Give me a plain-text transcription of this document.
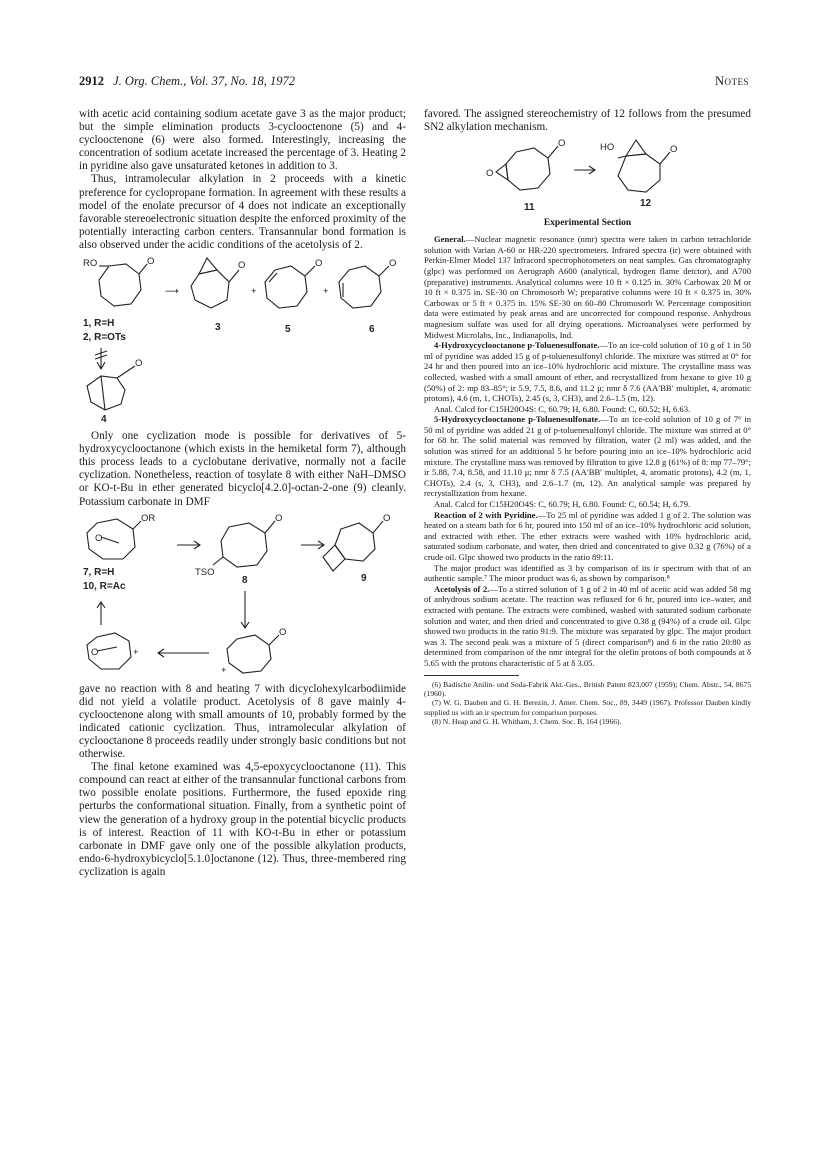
2912 J. Org. Chem., Vol. 37, No. 18, 1972	Notes

with acetic acid containing sodium acetate gave 3 as the major product; but the simple elimination products 3-cyclooctenone (5) and 4-cyclooctenone (6) were also formed. Interestingly, increasing the concentration of sodium acetate increased the percentage of 3. Heating 2 in pyridine also gave unsaturated ketones in addition to 3.

Thus, intramolecular alkylation in 2 proceeds with a kinetic preference for cyclopropane formation. In agreement with these results a model of the enolate precursor of 4 does not indicate an exceptionally favorable stereoelectronic situation despite the enforced proximity of the potentially interacting carbon centers. Transannular bond formation is also observed under the acidic conditions of the acetolysis of 2.

RO	O
1, R=H
2, R=OTs
⟶
O
3
+
O
5
+
O
6
O
4

Only one cyclization mode is possible for derivatives of 5-hydroxycyclooctanone (which exists in the hemiketal form 7), although this process leads to a cyclobutane derivative, normally not a facile cyclization. Nonetheless, reaction of tosylate 8 with either NaH–DMSO or KO-t-Bu in ether generated bicyclo[4.2.0]-octan-2-one (9) cleanly. Potassium carbonate in DMF

O
OR
7, R=H
10, R=Ac
O
TSO
8
O
9
O	+
O
+

gave no reaction with 8 and heating 7 with dicyclohexylcarbodiimide did not yield a volatile product. Acetolysis of 8 gave mainly 4-cyclooctenone along with small amounts of 10, probably formed by the indicated cationic cyclization. Thus, intramolecular alkylation of cyclooctanone 8 proceeds readily under strongly basic conditions but not otherwise.

The final ketone examined was 4,5-epoxycyclooctanone (11). This compound can react at either of the transannular functional carbons from two possible enolate positions. Furthermore, the fused epoxide ring perturbs the conformational situation. Finally, from a synthetic point of view the generation of a hydroxy group in the potential bicyclic products is of interest. Reaction of 11 with KO-t-Bu in ether or potassium carbonate in DMF gave only one of the possible alkylation products, endo-6-hydroxybicyclo[5.1.0]octanone (12). Thus, three-membered ring cyclization is again

favored. The assigned stereochemistry of 12 follows from the presumed SN2 alkylation mechanism.

O
O
11
HO	O
12
Experimental Section

General.—Nuclear magnetic resonance (nmr) spectra were taken in carbon tetrachloride solution with Varian A-60 or HR-220 spectrometers. Infrared spectra (ir) were obtained with Perkin-Elmer Model 137 Infracord spectrophotometers on neat samples. Gas chromatography (glpc) was performed on Aerograph A600 (analytical, hydrogen flame detctor), and A700 (preparative) instruments. Analytical columns were 10 ft × 0.125 in. 30% Carbowax 20 M or 10 ft × 0.375 in. SE-30 on Chromosorb W; preparative columns were 10 ft × 0.375 in. 30% Carbowax or 5 ft × 0.375 in. 15% SE-30 on 60–80 Chromosorb W. Percentage composition data were estimated by peak areas and are uncorrected for compound response. Anhydrous magnesium sulfate was used for all drying operations. Microanalyses were performed by Midwest Microlabs, Inc., Indianapolis, Ind.

4-Hydroxycyclooctanone p-Toluenesulfonate.—To an ice-cold solution of 10 g of 1 in 50 ml of pyridine was added 15 g of p-toluenesulfonyl chloride. The mixture was stirred at 0° for 24 hr and then poured into an ice–10% hydrochloric acid mixture. The crystalline mass was collected, washed with a small amount of ether, and recrystallized from hexane to give 10 g (50%) of 2: mp 83–85°; ir 5.9, 7.5, 8.6, and 11.2 μ; nmr δ 7.6 (AA′BB′ multiplet, 4, aromatic protons), 4.6 (m, 1, CHOTs), 2.45 (s, 3, CH3), and 2.6–1.5 (m, 12).

Anal. Calcd for C15H20O4S: C, 60.79; H, 6.80. Found: C, 60.52; H, 6.63.

5-Hydroxycyclooctanone p-Toluenesulfonate.—To an ice-cold solution of 10 g of 7⁶ in 50 ml of pyridine was added 21 g of p-toluenesulfonyl chloride. The mixture was stirred at 0° for 68 hr. The solid material was removed by filtration, water (2 ml) was added, and the solution was stirred for an additional 5 hr before pouring into an ice–10% hydrochloric acid mixture. The crystalline mass was removed by filtration to give 12.8 g (61%) of 8: mp 77–79°; ir 5.88, 7.4, 8.58, and 11.10 μ; nmr δ 7.5 (AA′BB′ multiplet, 4, aromatic protons), 4.2 (m, 1, CHOTs), 2.4 (s, 3, CH3), and 2.6–1.7 (m, 12). An analytical sample was prepared by recrystallization from hexane.

Anal. Calcd for C15H20O4S: C, 60.79; H, 6.80. Found: C, 60.54; H, 6.79.

Reaction of 2 with Pyridine.—To 25 ml of pyridine was added 1 g of 2. The solution was heated on a steam bath for 6 hr, poured into 150 ml of an ice–10% hydrochloric acid solution, and extracted with ether. The ether extracts were washed with 10% hydrochloric acid, saturated sodium carbonate, and water, then dried and concentrated to give 0.32 g (76%) of a crude oil. Glpc showed two products in the ratio 89:11.

The major product was identified as 3 by comparison of its ir spectrum with that of an authentic sample.⁷ The minor product was 6, as shown by comparison.⁸

Acetolysis of 2.—To a stirred solution of 1 g of 2 in 40 ml of acetic acid was added 58 mg of anhydrous sodium acetate. The reaction was refluxed for 6 hr, poured into ice–water, and extracted with pentane. The extracts were combined, washed with saturated sodium carbonate solution and water, and then dried and concentrated to give 0.38 g (94%) of a crude oil. Glpc showed two products in the ratio 91:9. The mixture was separated by glpc. The major product was 3. The second peak was a mixture of 5 (direct comparison⁸) and 6 in the ratio 20:80 as determined from comparison of the nmr integral for the olefin protons of both compounds at δ 5.65 with the protons characteristic of 5 at δ 3.05.

(6) Badische Anilin- und Soda-Fabrik Akt.-Ges., British Patent 823,007 (1959); Chem. Abstr., 54, 8675 (1960).

(7) W. G. Dauben and G. H. Berezin, J. Amer. Chem. Soc., 89, 3449 (1967). Professor Dauben kindly supplied us with an ir spectrum for comparison purposes.

(8) N. Heap and G. H. Whitham, J. Chem. Soc. B, 164 (1966).
